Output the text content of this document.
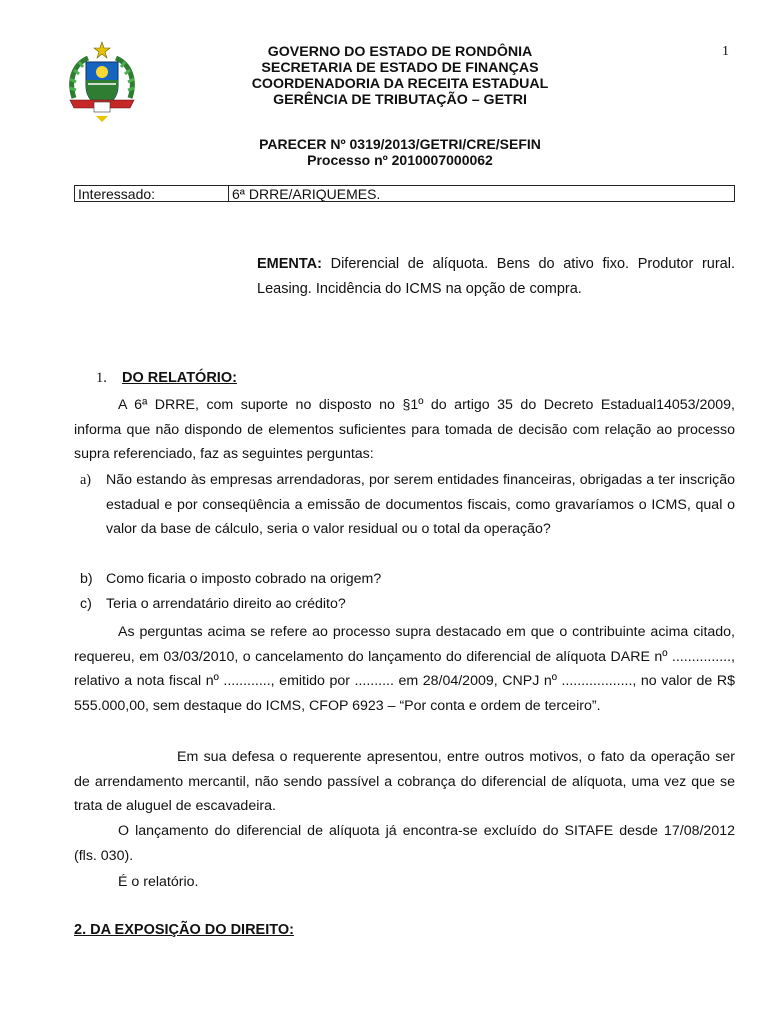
GOVERNO DO ESTADO DE RONDÔNIA
SECRETARIA DE ESTADO DE FINANÇAS
COORDENADORIA DA RECEITA ESTADUAL
GERÊNCIA DE TRIBUTAÇÃO – GETRI
1
PARECER Nº 0319/2013/GETRI/CRE/SEFIN
Processo nº 2010007000062
Interessado:	6ª DRRE/ARIQUEMES.
EMENTA: Diferencial de alíquota. Bens do ativo fixo. Produtor rural. Leasing. Incidência do ICMS na opção de compra.
1. DO RELATÓRIO:
A 6ª DRRE, com suporte no disposto no §1º do artigo 35 do Decreto Estadual14053/2009, informa que não dispondo de elementos suficientes para tomada de decisão com relação ao processo supra referenciado, faz as seguintes perguntas:
a) Não estando às empresas arrendadoras, por serem entidades financeiras, obrigadas a ter inscrição estadual e por conseqüência a emissão de documentos fiscais, como gravaríamos o ICMS, qual o valor da base de cálculo, seria o valor residual ou o total da operação?
b) Como ficaria o imposto cobrado na origem?
c) Teria o arrendatário direito ao crédito?
As perguntas acima se refere ao processo supra destacado em que o contribuinte acima citado, requereu, em 03/03/2010, o cancelamento do lançamento do diferencial de alíquota DARE nº ..............., relativo a nota fiscal nº ............, emitido por .......... em 28/04/2009, CNPJ nº .................., no valor de R$ 555.000,00, sem destaque do ICMS, CFOP 6923 – “Por conta e ordem de terceiro”.
Em sua defesa o requerente apresentou, entre outros motivos, o fato da operação ser de arrendamento mercantil, não sendo passível a cobrança do diferencial de alíquota, uma vez que se trata de aluguel de escavadeira.
O lançamento do diferencial de alíquota já encontra-se excluído do SITAFE desde 17/08/2012 (fls. 030).
É o relatório.
2. DA EXPOSIÇÃO DO DIREITO:
